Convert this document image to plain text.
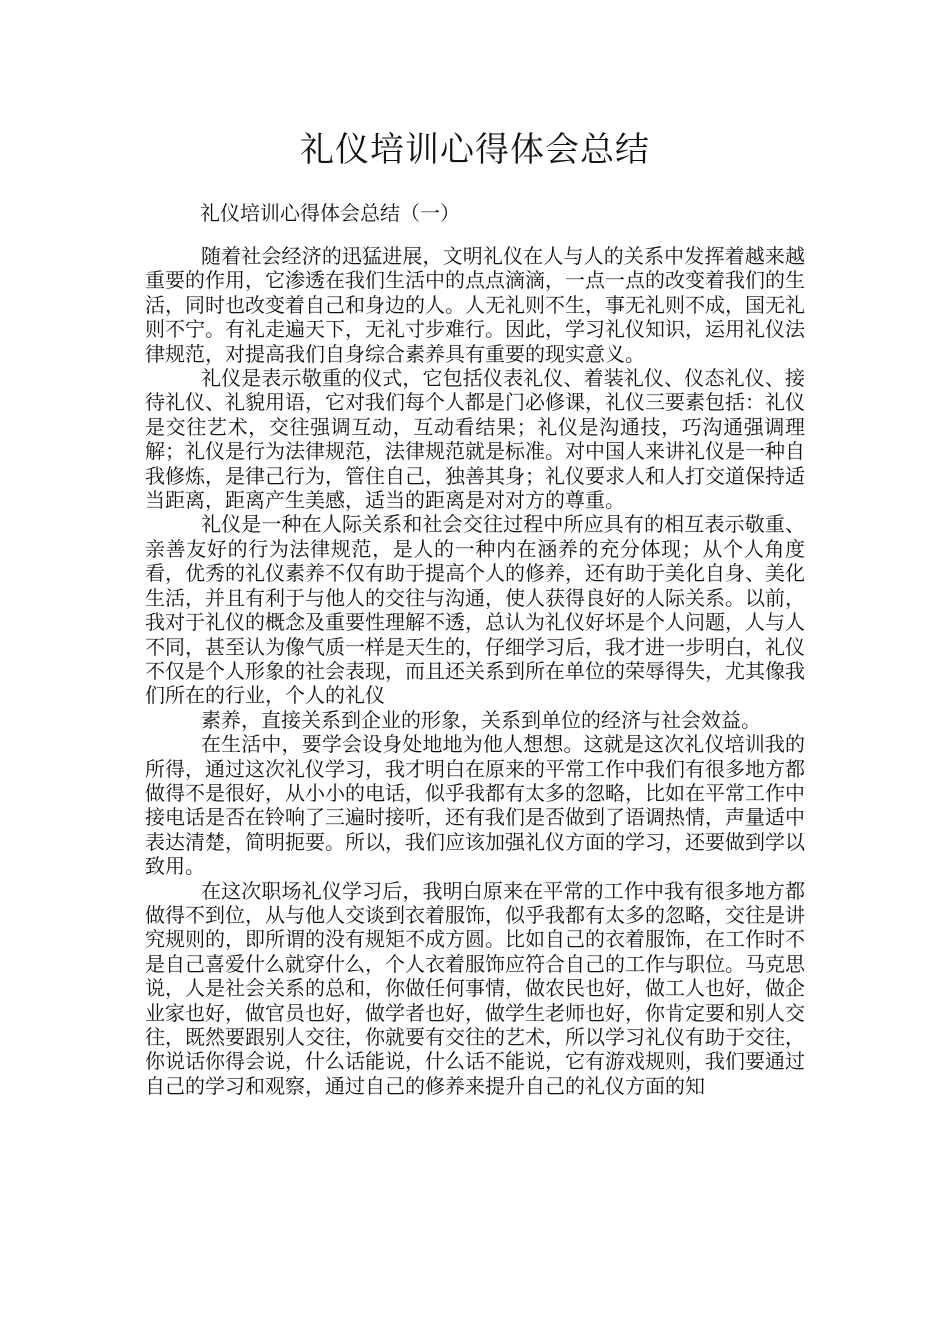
礼仪培训心得体会总结
礼仪培训心得体会总结（一）

随着社会经济的迅猛进展，文明礼仪在人与人的关系中发挥着越来越重要的作用，它渗透在我们生活中的点点滴滴，一点一点的改变着我们的生活，同时也改变着自己和身边的人。人无礼则不生，事无礼则不成，国无礼则不宁。有礼走遍天下，无礼寸步难行。因此，学习礼仪知识，运用礼仪法律规范，对提高我们自身综合素养具有重要的现实意义。

礼仪是表示敬重的仪式，它包括仪表礼仪、着装礼仪、仪态礼仪、接待礼仪、礼貌用语，它对我们每个人都是门必修课，礼仪三要素包括：礼仪是交往艺术，交往强调互动，互动看结果；礼仪是沟通技，巧沟通强调理解；礼仪是行为法律规范，法律规范就是标准。对中国人来讲礼仪是一种自我修炼，是律己行为，管住自己，独善其身；礼仪要求人和人打交道保持适当距离，距离产生美感，适当的距离是对对方的尊重。

礼仪是一种在人际关系和社会交往过程中所应具有的相互表示敬重、亲善友好的行为法律规范，是人的一种内在涵养的充分体现；从个人角度看，优秀的礼仪素养不仅有助于提高个人的修养，还有助于美化自身、美化生活，并且有利于与他人的交往与沟通，使人获得良好的人际关系。以前，我对于礼仪的概念及重要性理解不透，总认为礼仪好坏是个人问题，人与人不同，甚至认为像气质一样是天生的，仔细学习后，我才进一步明白，礼仪不仅是个人形象的社会表现，而且还关系到所在单位的荣辱得失，尤其像我们所在的行业，个人的礼仪

素养，直接关系到企业的形象，关系到单位的经济与社会效益。

在生活中，要学会设身处地地为他人想想。这就是这次礼仪培训我的所得，通过这次礼仪学习，我才明白在原来的平常工作中我们有很多地方都做得不是很好，从小小的电话，似乎我都有太多的忽略，比如在平常工作中接电话是否在铃响了三遍时接听，还有我们是否做到了语调热情，声量适中表达清楚，简明扼要。所以，我们应该加强礼仪方面的学习，还要做到学以致用。

在这次职场礼仪学习后，我明白原来在平常的工作中我有很多地方都做得不到位，从与他人交谈到衣着服饰，似乎我都有太多的忽略，交往是讲究规则的，即所谓的没有规矩不成方圆。比如自己的衣着服饰，在工作时不是自己喜爱什么就穿什么，个人衣着服饰应符合自己的工作与职位。马克思说，人是社会关系的总和，你做任何事情，做农民也好，做工人也好，做企业家也好，做官员也好，做学者也好，做学生老师也好，你肯定要和别人交往，既然要跟别人交往，你就要有交往的艺术，所以学习礼仪有助于交往，你说话你得会说，什么话能说，什么话不能说，它有游戏规则，我们要通过自己的学习和观察，通过自己的修养来提升自己的礼仪方面的知
